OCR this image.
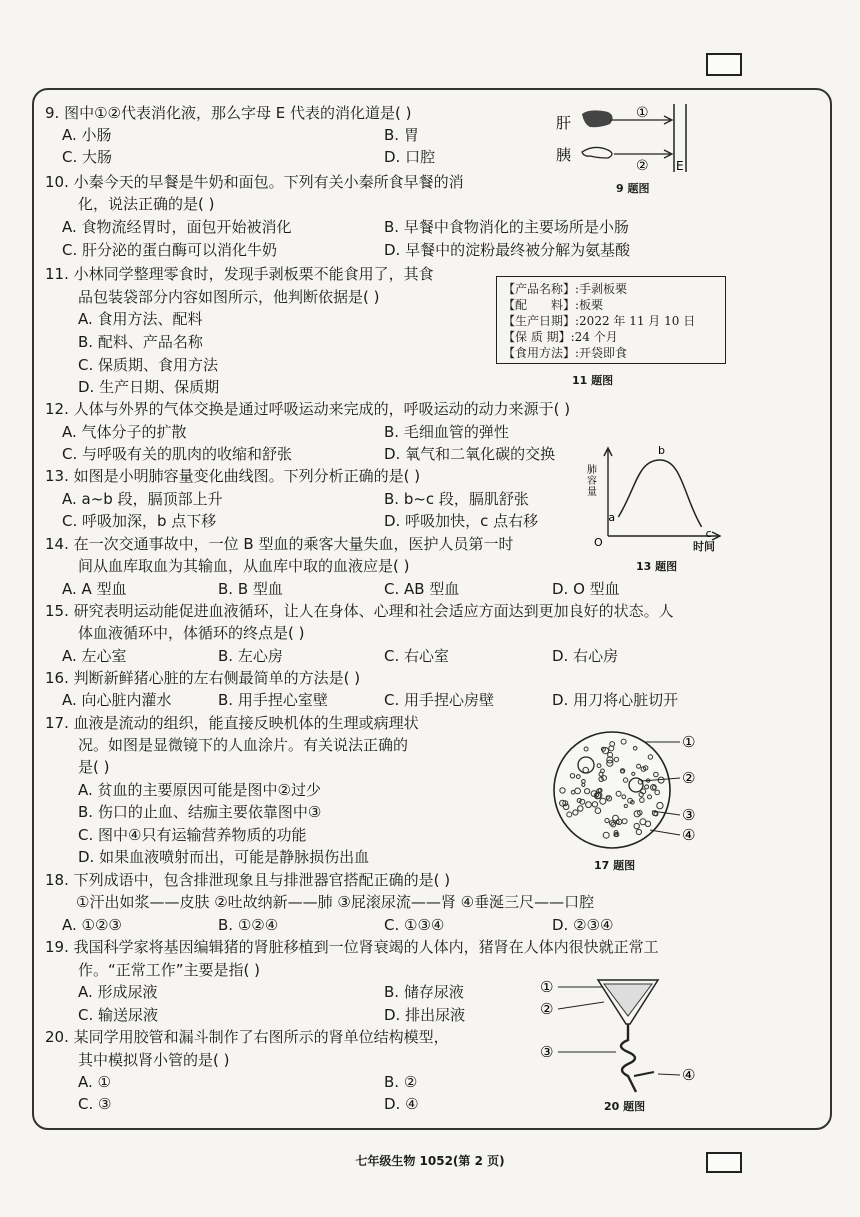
9. 图中①②代表消化液，那么字母 E 代表的消化道是( )
A. 小肠	B. 胃
C. 大肠	D. 口腔
肝
①
胰
② E
9 题图
10. 小秦今天的早餐是牛奶和面包。下列有关小秦所食早餐的消
化，说法正确的是( )
A. 食物流经胃时，面包开始被消化	B. 早餐中食物消化的主要场所是小肠
C. 肝分泌的蛋白酶可以消化牛奶	D. 早餐中的淀粉最终被分解为氨基酸
11. 小林同学整理零食时，发现手剥板栗不能食用了，其食
品包装袋部分内容如图所示，他判断依据是( )
A. 食用方法、配料
B. 配料、产品名称
C. 保质期、食用方法
D. 生产日期、保质期
【产品名称】:手剥板栗
【配　　料】:板栗
【生产日期】:2022 年 11 月 10 日
【保 质 期】:24 个月
【食用方法】:开袋即食
11 题图
12. 人体与外界的气体交换是通过呼吸运动来完成的，呼吸运动的动力来源于( )
A. 气体分子的扩散	B. 毛细血管的弹性
C. 与呼吸有关的肌肉的收缩和舒张	D. 氧气和二氧化碳的交换
13. 如图是小明肺容量变化曲线图。下列分析正确的是( )
A. a~b 段，膈顶部上升	B. b~c 段，膈肌舒张
C. 呼吸加深，b 点下移	D. 呼吸加快，c 点右移
肺容量
O
a
b
c
时间
13 题图
14. 在一次交通事故中，一位 B 型血的乘客大量失血，医护人员第一时
间从血库取血为其输血，从血库中取的血液应是( )
A. A 型血	B. B 型血	C. AB 型血	D. O 型血
15. 研究表明运动能促进血液循环，让人在身体、心理和社会适应方面达到更加良好的状态。人
体血液循环中，体循环的终点是( )
A. 左心室	B. 左心房	C. 右心室	D. 右心房
16. 判断新鲜猪心脏的左右侧最简单的方法是( )
A. 向心脏内灌水	B. 用手捏心室壁	C. 用手捏心房壁	D. 用刀将心脏切开
17. 血液是流动的组织，能直接反映机体的生理或病理状
况。如图是显微镜下的人血涂片。有关说法正确的
是( )
A. 贫血的主要原因可能是图中②过少
B. 伤口的止血、结痂主要依靠图中③
C. 图中④只有运输营养物质的功能
D. 如果血液喷射而出，可能是静脉损伤出血
①
②
③
④
17 题图
18. 下列成语中，包含排泄现象且与排泄器官搭配正确的是( )
①汗出如浆——皮肤 ②吐故纳新——肺 ③屁滚尿流——肾 ④垂涎三尺——口腔
A. ①②③	B. ①②④	C. ①③④	D. ②③④
19. 我国科学家将基因编辑猪的肾脏移植到一位肾衰竭的人体内，猪肾在人体内很快就正常工
作。“正常工作”主要是指( )
A. 形成尿液	B. 储存尿液
C. 输送尿液	D. 排出尿液
20. 某同学用胶管和漏斗制作了右图所示的肾单位结构模型，
其中模拟肾小管的是( )
A. ①	B. ②
C. ③	D. ④
①
②
③
④
20 题图
七年级生物 1052(第 2 页)
